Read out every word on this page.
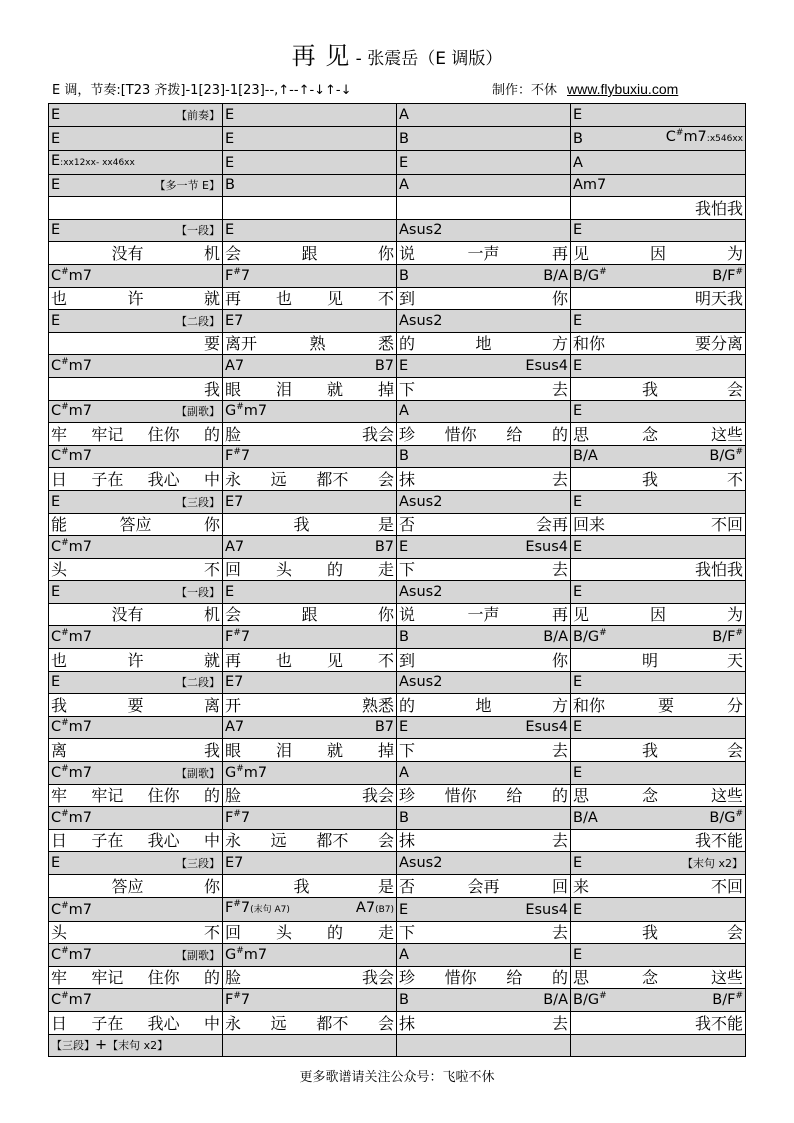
再 见 - 张震岳（E 调版）
E 调，节奏:[T23 齐拨]-1[23]-1[23]--,↑--↑-↓↑-↓	制作：不休 www.flybuxiu.com
E 【前奏】	E	A	E

E	E	B	B C#m7:x546xx

E:xx12xx- xx46xx	E	E	A

E 【多一节 E】	B	A	Am7

			我怕我

E 【一段】	E	Asus2	E

没有 机	会 跟 你	说 一声 再	见 因 为

C#m7	F#7	B B/A	B/G# B/F#

也 许 就	再 也 见 不	到 你	明天我

E 【二段】	E7	Asus2	E

要	离开 熟 悉	的 地 方	和你 要分离

C#m7	A7 B7	E Esus4	E

我	眼 泪 就 掉	下 去	我 会

C#m7 【副歌】	G#m7	A	E

牢 牢记 住你 的	脸 我会	珍 惜你 给 的	思 念 这些

C#m7	F#7	B	B/A B/G#

日 子在 我心 中	永 远 都不 会	抹 去	我 不

E 【三段】	E7	Asus2	E

能 答应 你	我 是	否 会再	回来 不回

C#m7	A7 B7	E Esus4	E

头 不	回 头 的 走	下 去	我怕我

E 【一段】	E	Asus2	E

没有 机	会 跟 你	说 一声 再	见 因 为

C#m7	F#7	B B/A	B/G# B/F#

也 许 就	再 也 见 不	到 你	明 天

E 【二段】	E7	Asus2	E

我 要 离	开 熟悉	的 地 方	和你 要 分

C#m7	A7 B7	E Esus4	E

离 我	眼 泪 就 掉	下 去	我 会

C#m7 【副歌】	G#m7	A	E

牢 牢记 住你 的	脸 我会	珍 惜你 给 的	思 念 这些

C#m7	F#7	B	B/A B/G#

日 子在 我心 中	永 远 都不 会	抹 去	我不能

E 【三段】	E7	Asus2	E 【末句 x2】

答应 你	我 是	否 会再 回	来 不回

C#m7	F#7(末句 A7) A7(B7)	E Esus4	E

头 不	回 头 的 走	下 去	我 会

C#m7 【副歌】	G#m7	A	E

牢 牢记 住你 的	脸 我会	珍 惜你 给 的	思 念 这些

C#m7	F#7	B B/A	B/G# B/F#

日 子在 我心 中	永 远 都不 会	抹 去	我不能

【三段】+【末句 x2】			

更多歌谱请关注公众号：飞啦不休
